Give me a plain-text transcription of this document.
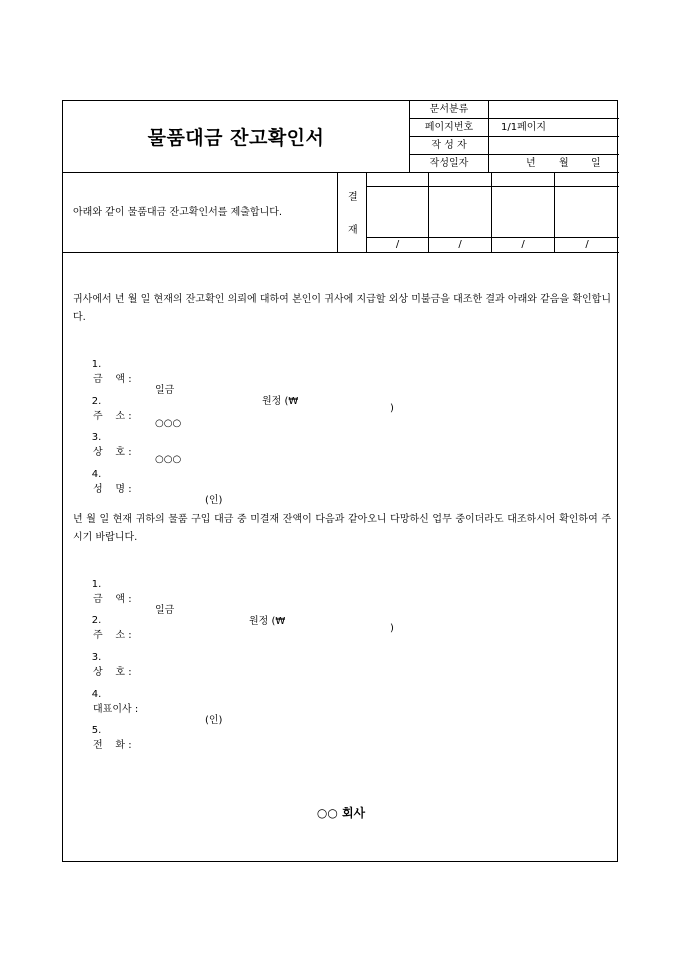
물품대금 잔고확인서
문서분류
페이지번호	1/1페이지
작 성 자
작성일자	년 월 일
아래와 같이 물품대금 잔고확인서를 제출합니다.
결
재
/	/	/	/
귀사에서 년 월 일 현재의 잔고확인 의뢰에 대하여 본인이 귀사에 지급할 외상 미불금을 대조한 결과 아래와 같음을 확인합니다.

1.

금    액 :

일금

원정 (₩

)

2.

주    소 :

○○○

3.

상    호 :

○○○

4.

성    명 :

(인)

년 월 일 현재 귀하의 물품 구입 대금 중 미결재 잔액이 다음과 같아오니 다망하신 업무 중이더라도 대조하시어 확인하여 주시기 바랍니다.

1.

금    액 :

일금

원정 (₩

)

2.

주    소 :

3.

상    호 :

4.

대표이사 :

(인)

5.

전    화 :

○○ 회사
